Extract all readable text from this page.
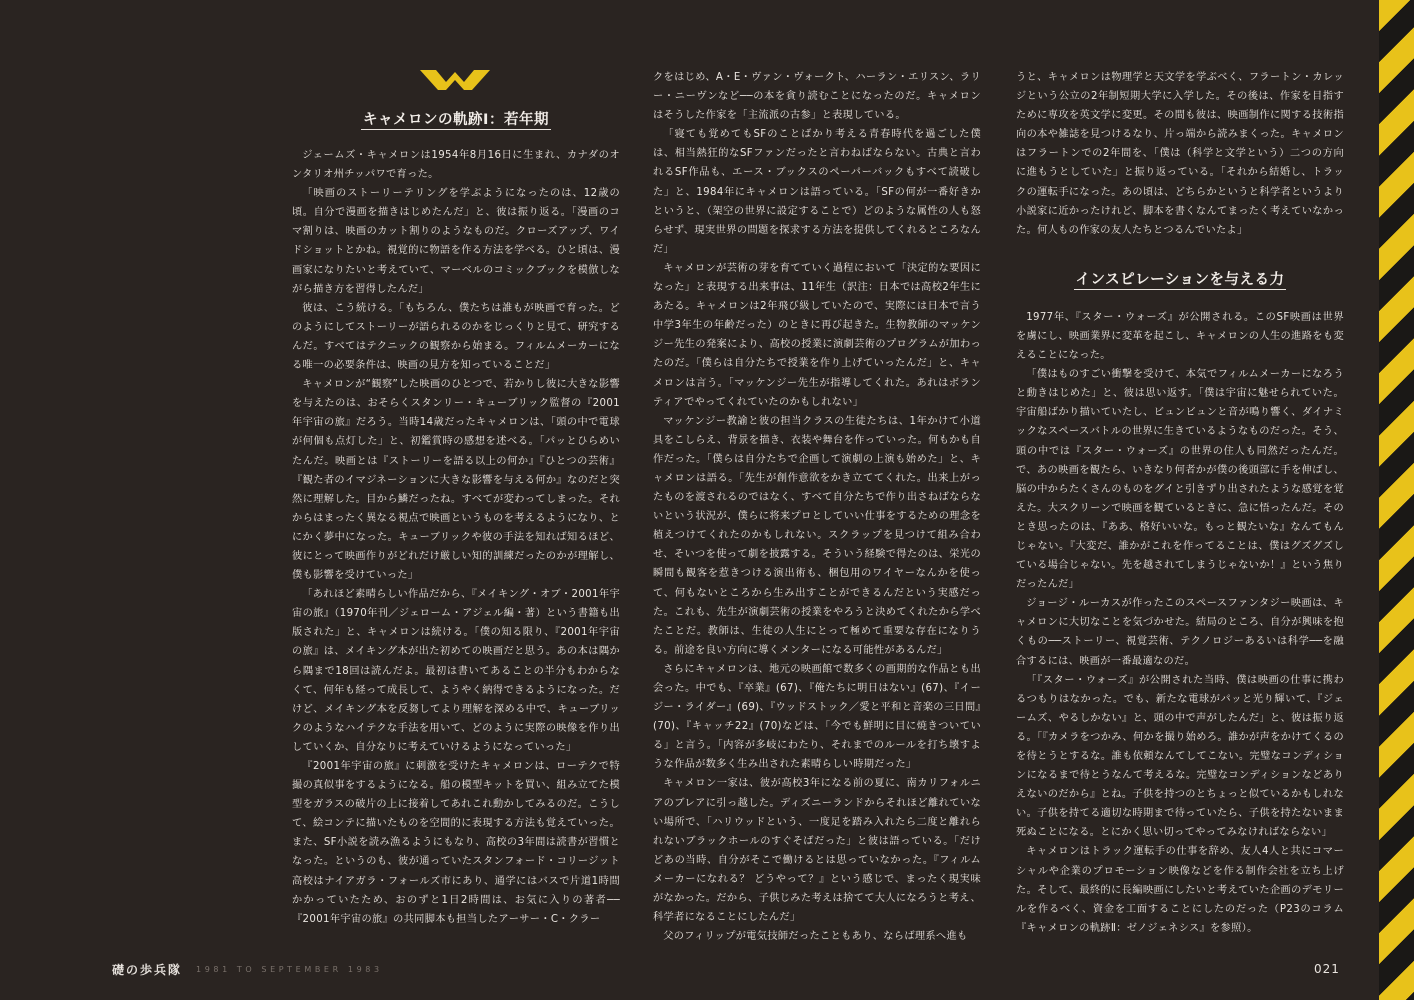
キャメロンの軌跡Ⅰ：若年期

ジェームズ・キャメロンは1954年8月16日に生まれ、カナダのオンタリオ州チッパワで育った。

「映画のストーリーテリングを学ぶようになったのは、12歳の頃。自分で漫画を描きはじめたんだ」と、彼は振り返る。「漫画のコマ割りは、映画のカット割りのようなものだ。クローズアップ、ワイドショットとかね。視覚的に物語を作る方法を学べる。ひと頃は、漫画家になりたいと考えていて、マーベルのコミックブックを模倣しながら描き方を習得したんだ」

彼は、こう続ける。「もちろん、僕たちは誰もが映画で育った。どのようにしてストーリーが語られるのかをじっくりと見て、研究するんだ。すべてはテクニックの観察から始まる。フィルムメーカーになる唯一の必要条件は、映画の見方を知っていることだ」

キャメロンが“観察”した映画のひとつで、若かりし彼に大きな影響を与えたのは、おそらくスタンリー・キューブリック監督の『2001年宇宙の旅』だろう。当時14歳だったキャメロンは、「頭の中で電球が何個も点灯した」と、初鑑賞時の感想を述べる。「パッとひらめいたんだ。映画とは『ストーリーを語る以上の何か』『ひとつの芸術』『観た者のイマジネーションに大きな影響を与える何か』なのだと突然に理解した。目から鱗だったね。すべてが変わってしまった。それからはまったく異なる視点で映画というものを考えるようになり、とにかく夢中になった。キューブリックや彼の手法を知れば知るほど、彼にとって映画作りがどれだけ厳しい知的訓練だったのかが理解し、僕も影響を受けていった」

「あれほど素晴らしい作品だから、『メイキング・オブ・2001年宇宙の旅』（1970年刊／ジェローム・アジェル編・著）という書籍も出版された」と、キャメロンは続ける。「僕の知る限り、『2001年宇宙の旅』は、メイキング本が出た初めての映画だと思う。あの本は隅から隅まで18回は読んだよ。最初は書いてあることの半分もわからなくて、何年も経って成長して、ようやく納得できるようになった。だけど、メイキング本を反芻してより理解を深める中で、キューブリックのようなハイテクな手法を用いて、どのように実際の映像を作り出していくか、自分なりに考えていけるようになっていった」

『2001年宇宙の旅』に刺激を受けたキャメロンは、ローテクで特撮の真似事をするようになる。船の模型キットを買い、組み立てた模型をガラスの破片の上に接着してあれこれ動かしてみるのだ。こうして、絵コンテに描いたものを空間的に表現する方法も覚えていった。また、SF小説を読み漁るようにもなり、高校の3年間は読書が習慣となった。というのも、彼が通っていたスタンフォード・コリージット高校はナイアガラ・フォールズ市にあり、通学にはバスで片道1時間かかっていたため、おのずと1日2時間は、お気に入りの著者──『2001年宇宙の旅』の共同脚本も担当したアーサー・C・クラー

クをはじめ、A・E・ヴァン・ヴォークト、ハーラン・エリスン、ラリー・ニーヴンなど──の本を貪り読むことになったのだ。キャメロンはそうした作家を「主流派の古参」と表現している。

「寝ても覚めてもSFのことばかり考える青春時代を過ごした僕は、相当熱狂的なSFファンだったと言わねばならない。古典と言われるSF作品も、エース・ブックスのペーパーバックもすべて読破した」と、1984年にキャメロンは語っている。「SFの何が一番好きかというと、（架空の世界に設定することで）どのような属性の人も怒らせず、現実世界の問題を探求する方法を提供してくれるところなんだ」

キャメロンが芸術の芽を育てていく過程において「決定的な要因になった」と表現する出来事は、11年生（訳注：日本では高校2年生にあたる。キャメロンは2年飛び級していたので、実際には日本で言う中学3年生の年齢だった）のときに再び起きた。生物教師のマッケンジー先生の発案により、高校の授業に演劇芸術のプログラムが加わったのだ。「僕らは自分たちで授業を作り上げていったんだ」と、キャメロンは言う。「マッケンジー先生が指導してくれた。あれはボランティアでやってくれていたのかもしれない」

マッケンジー教諭と彼の担当クラスの生徒たちは、1年かけて小道具をこしらえ、背景を描き、衣装や舞台を作っていった。何もかも自作だった。「僕らは自分たちで企画して演劇の上演も始めた」と、キャメロンは語る。「先生が創作意欲をかき立ててくれた。出来上がったものを渡されるのではなく、すべて自分たちで作り出さねばならないという状況が、僕らに将来プロとしていい仕事をするための理念を植えつけてくれたのかもしれない。スクラップを見つけて組み合わせ、そいつを使って劇を披露する。そういう経験で得たのは、栄光の瞬間も観客を惹きつける演出術も、梱包用のワイヤーなんかを使って、何もないところから生み出すことができるんだという実感だった。これも、先生が演劇芸術の授業をやろうと決めてくれたから学べたことだ。教師は、生徒の人生にとって極めて重要な存在になりうる。前途を良い方向に導くメンターになる可能性があるんだ」

さらにキャメロンは、地元の映画館で数多くの画期的な作品とも出会った。中でも、『卒業』(67)、『俺たちに明日はない』(67)、『イージー・ライダー』(69)、『ウッドストック／愛と平和と音楽の三日間』(70)、『キャッチ22』(70)などは、「今でも鮮明に目に焼きついている」と言う。「内容が多岐にわたり、それまでのルールを打ち壊すような作品が数多く生み出された素晴らしい時期だった」

キャメロン一家は、彼が高校3年になる前の夏に、南カリフォルニアのブレアに引っ越した。ディズニーランドからそれほど離れていない場所で、「ハリウッドという、一度足を踏み入れたら二度と離れられないブラックホールのすぐそばだった」と彼は語っている。「だけどあの当時、自分がそこで働けるとは思っていなかった。『フィルムメーカーになれる？ どうやって？』という感じで、まったく現実味がなかった。だから、子供じみた考えは捨てて大人になろうと考え、科学者になることにしたんだ」

父のフィリップが電気技師だったこともあり、ならば理系へ進も

うと、キャメロンは物理学と天文学を学ぶべく、フラートン・カレッジという公立の2年制短期大学に入学した。その後は、作家を目指すために専攻を英文学に変更。その間も彼は、映画制作に関する技術指向の本や雑誌を見つけるなり、片っ端から読みまくった。キャメロンはフラートンでの2年間を、「僕は（科学と文学という）二つの方向に進もうとしていた」と振り返っている。「それから結婚し、トラックの運転手になった。あの頃は、どちらかというと科学者というより小説家に近かったけれど、脚本を書くなんてまったく考えていなかった。何人もの作家の友人たちとつるんでいたよ」

インスピレーションを与える力

1977年、『スター・ウォーズ』が公開される。このSF映画は世界を虜にし、映画業界に変革を起こし、キャメロンの人生の進路をも変えることになった。

「僕はものすごい衝撃を受けて、本気でフィルムメーカーになろうと動きはじめた」と、彼は思い返す。「僕は宇宙に魅せられていた。宇宙船ばかり描いていたし、ビュンビュンと音が鳴り響く、ダイナミックなスペースバトルの世界に生きているようなものだった。そう、頭の中では『スター・ウォーズ』の世界の住人も同然だったんだ。で、あの映画を観たら、いきなり何者かが僕の後頭部に手を伸ばし、脳の中からたくさんのものをグイと引きずり出されたような感覚を覚えた。大スクリーンで映画を観ているときに、急に悟ったんだ。そのとき思ったのは、『ああ、格好いいな。もっと観たいな』なんてもんじゃない。『大変だ、誰かがこれを作ってることは、僕はグズグズしている場合じゃない。先を越されてしまうじゃないか！』という焦りだったんだ」

ジョージ・ルーカスが作ったこのスペースファンタジー映画は、キャメロンに大切なことを気づかせた。結局のところ、自分が興味を抱くもの──ストーリー、視覚芸術、テクノロジーあるいは科学──を融合するには、映画が一番最適なのだ。

「『スター・ウォーズ』が公開された当時、僕は映画の仕事に携わるつもりはなかった。でも、新たな電球がパッと光り輝いて、『ジェームズ、やるしかない』と、頭の中で声がしたんだ」と、彼は振り返る。「『カメラをつかみ、何かを撮り始めろ。誰かが声をかけてくるのを待とうとするな。誰も依頼なんてしてこない。完璧なコンディションになるまで待とうなんて考えるな。完璧なコンディションなどありえないのだから』とね。子供を持つのとちょっと似ているかもしれない。子供を持てる適切な時期まで待っていたら、子供を持たないまま死ぬことになる。とにかく思い切ってやってみなければならない」

キャメロンはトラック運転手の仕事を辞め、友人4人と共にコマーシャルや企業のプロモーション映像などを作る制作会社を立ち上げた。そして、最終的に長編映画にしたいと考えていた企画のデモリールを作るべく、資金を工面することにしたのだった（P23のコラム『キャメロンの軌跡Ⅱ：ゼノジェネシス』を参照）。

礎の歩兵隊 1981 TO SEPTEMBER 1983	021
